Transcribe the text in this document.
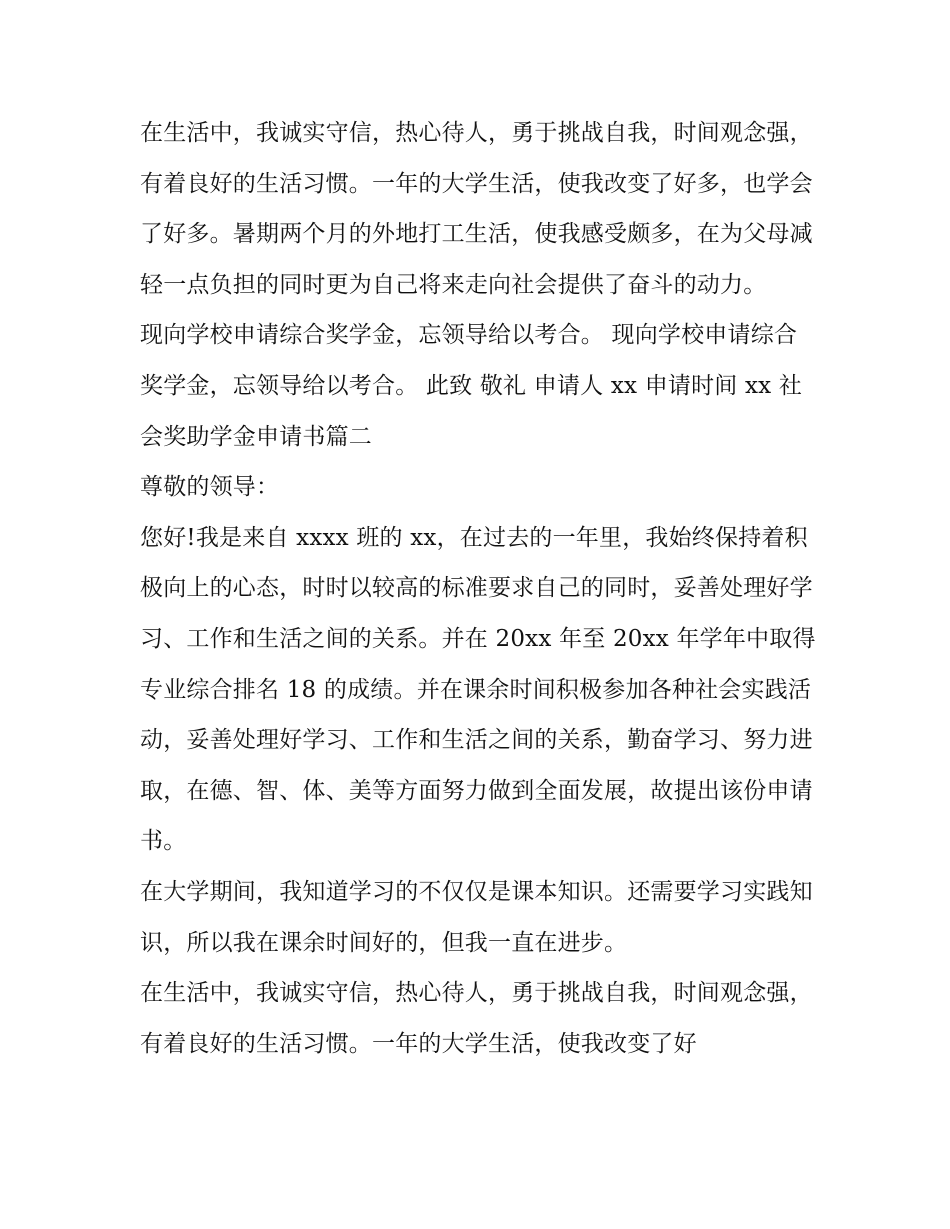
在生活中，我诚实守信，热心待人，勇于挑战自我，时间观念强，有着良好的生活习惯。一年的大学生活，使我改变了好多，也学会了好多。暑期两个月的外地打工生活，使我感受颇多，在为父母减轻一点负担的同时更为自己将来走向社会提供了奋斗的动力。

现向学校申请综合奖学金，忘领导给以考合。 现向学校申请综合奖学金，忘领导给以考合。 此致 敬礼 申请人 xx 申请时间 xx 社会奖助学金申请书篇二

尊敬的领导：

您好!我是来自 xxxx 班的 xx，在过去的一年里，我始终保持着积极向上的心态，时时以较高的标准要求自己的同时，妥善处理好学习、工作和生活之间的关系。并在 20xx 年至 20xx 年学年中取得专业综合排名 18 的成绩。并在课余时间积极参加各种社会实践活动，妥善处理好学习、工作和生活之间的关系，勤奋学习、努力进取，在德、智、体、美等方面努力做到全面发展，故提出该份申请书。

在大学期间，我知道学习的不仅仅是课本知识。还需要学习实践知识，所以我在课余时间好的，但我一直在进步。

在生活中，我诚实守信，热心待人，勇于挑战自我，时间观念强，有着良好的生活习惯。一年的大学生活，使我改变了好
